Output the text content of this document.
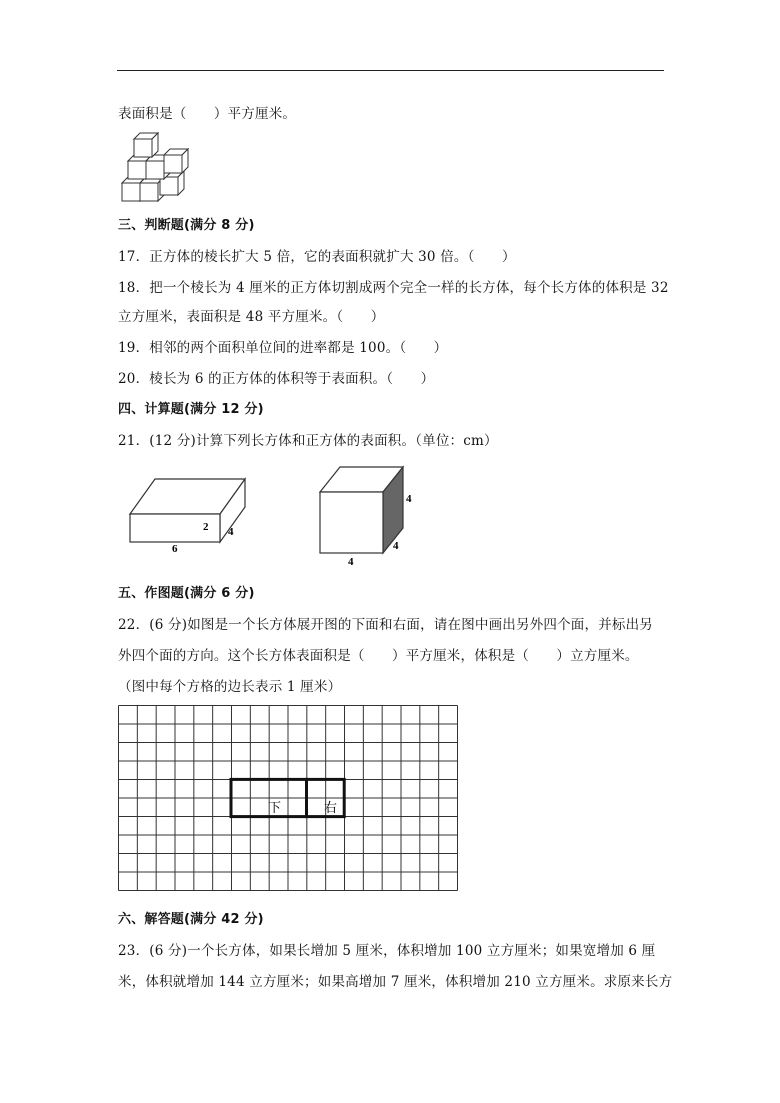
表面积是（　　）平方厘米。
三、判断题(满分 8 分)
17．正方体的棱长扩大 5 倍，它的表面积就扩大 30 倍。（　　）
18．把一个棱长为 4 厘米的正方体切割成两个完全一样的长方体，每个长方体的体积是 32
立方厘米，表面积是 48 平方厘米。（　　）
19．相邻的两个面积单位间的进率都是 100。（　　）
20．棱长为 6 的正方体的体积等于表面积。（　　）
四、计算题(满分 12 分)
21．(12 分)计算下列长方体和正方体的表面积。（单位：cm）
2 4
6
4
4
4
五、作图题(满分 6 分)
22．(6 分)如图是一个长方体展开图的下面和右面，请在图中画出另外四个面，并标出另
外四个面的方向。这个长方体表面积是（　　）平方厘米，体积是（　　）立方厘米。
（图中每个方格的边长表示 1 厘米）
下	右
六、解答题(满分 42 分)
23．(6 分)一个长方体，如果长增加 5 厘米，体积增加 100 立方厘米；如果宽增加 6 厘
米，体积就增加 144 立方厘米；如果高增加 7 厘米，体积增加 210 立方厘米。求原来长方
